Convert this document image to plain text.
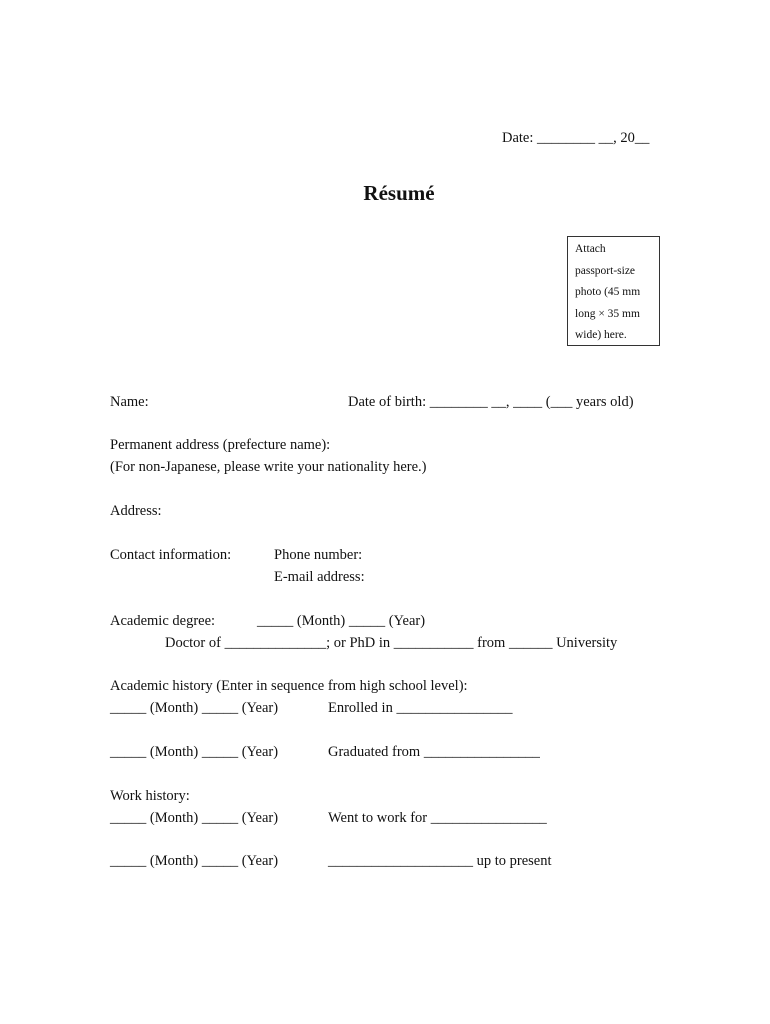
Date: ________ __, 20__
Résumé
Attach
passport-size
photo (45 mm
long × 35 mm
wide) here.
Name:	Date of birth: ________ __, ____ (___ years old)
Permanent address (prefecture name):
(For non-Japanese, please write your nationality here.)
Address:
Contact information:	Phone number:
E-mail address:
Academic degree:	_____ (Month) _____ (Year)
Doctor of ______________; or PhD in ___________ from ______ University
Academic history (Enter in sequence from high school level):
_____ (Month) _____ (Year)	Enrolled in ________________
_____ (Month) _____ (Year)	Graduated from ________________
Work history:
_____ (Month) _____ (Year)	Went to work for ________________
_____ (Month) _____ (Year)	____________________ up to present
